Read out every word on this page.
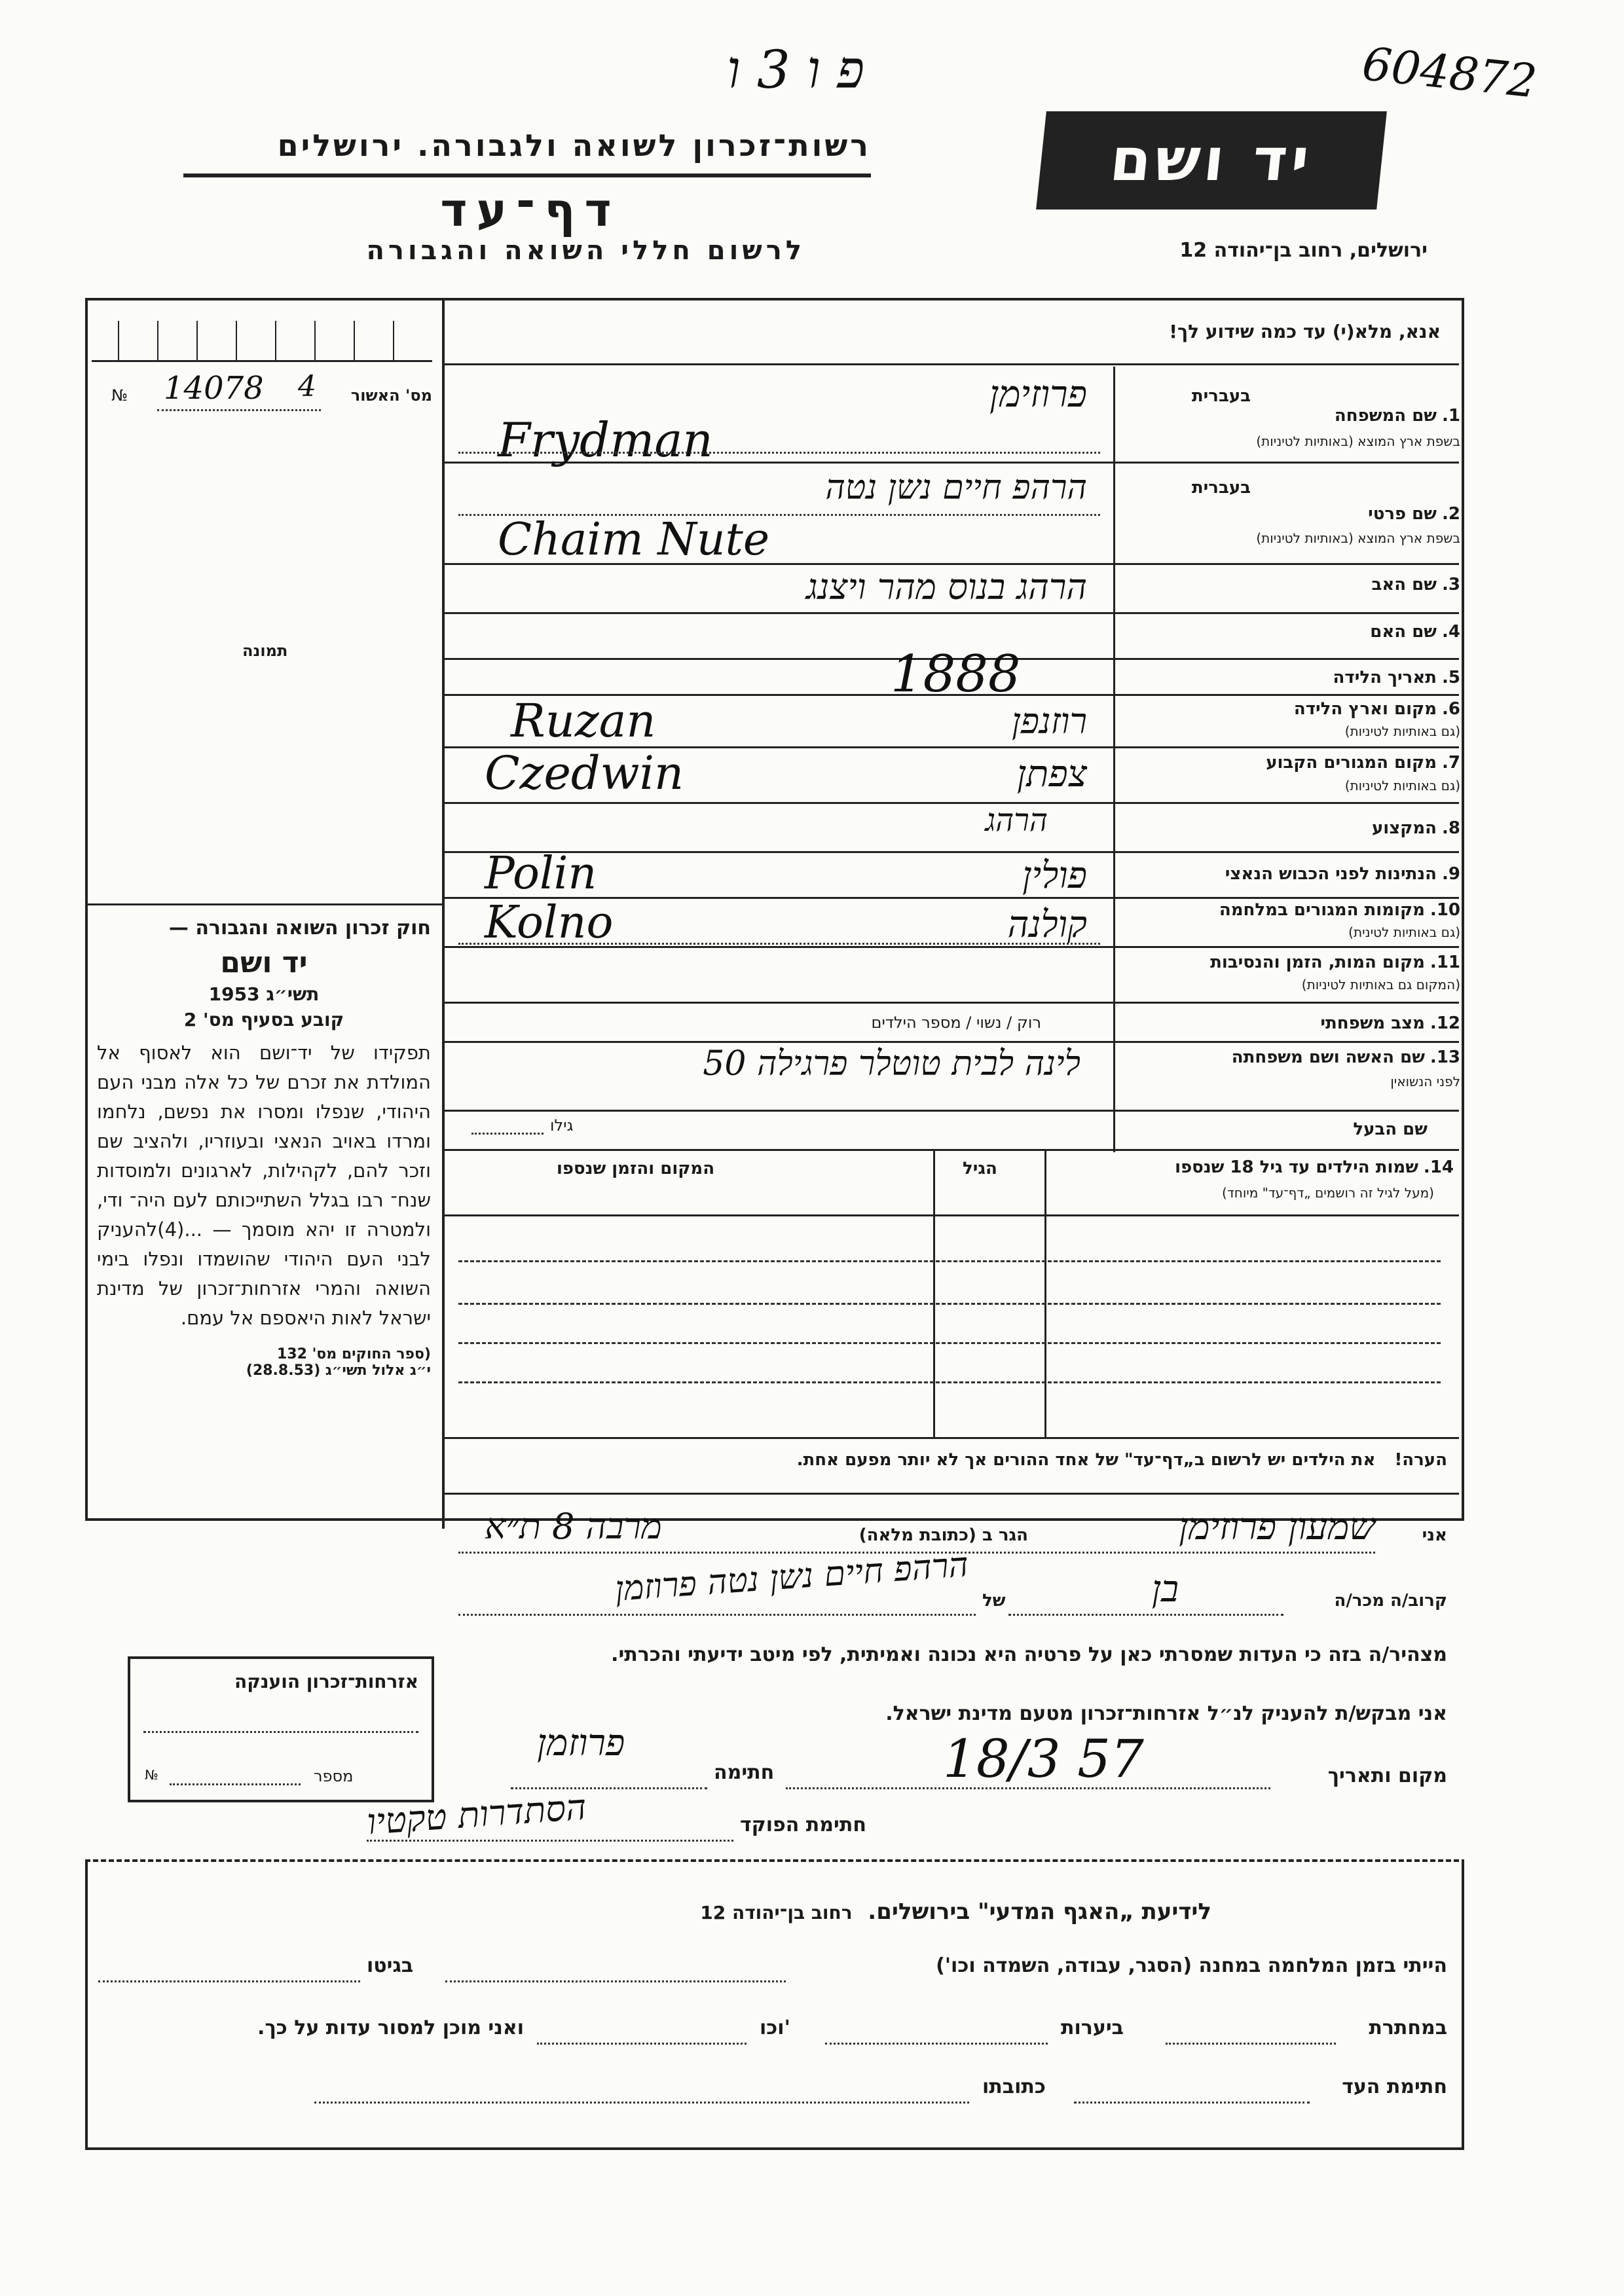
פ ו 3 ו	604872
רשות־זכרון לשואה ולגבורה. ירושלים
דף־עד
לרשום חללי השואה והגבורה
יד ושם
ירושלים, רחוב בן־יהודה 12
אנא, מלא(י) עד כמה שידוע לך!
№ 14078 4	מס' האשור
תמונה
בעברית
1.שם המשפחה
בשפת ארץ המוצא (באותיות לטיניות)
פרוזימן
Frydman
בעברית
2.שם פרטי
בשפת ארץ המוצא (באותיות לטיניות)
הרהפ חיים נשן נטה
Chaim Nute
3.שם האב
הרהג בנוס מהר ויצנג
4.שם האם
5.תאריך הלידה
1888
6.מקום וארץ הלידה
(גם באותיות לטיניות)
Ruzan	רוזנפן
7.מקום המגורים הקבוע
(גם באותיות לטיניות)
Czedwin	צפתן
8.המקצוע
הרהג
9.הנתינות לפני הכבוש הנאצי
Polin	פולין
10.מקומות המגורים במלחמה
(גם באותיות לטינית)
Kolno	קולנה
11.מקום המות, הזמן והנסיבות
(המקום גם באותיות לטיניות)
12.מצב משפחתי
רוק / נשוי / מספר הילדים
13.שם האשה ושם משפחתה
לפני הנשואין
לינה לבית טוטלר פרגילה 50
גילו	שם הבעל
14.שמות הילדים עד גיל 18 שנספו
(מעל לגיל זה רושמים „דף־עד" מיוחד)
הגיל
המקום והזמן שנספו
הערה! את הילדים יש לרשום ב„דף־עד" של אחד ההורים אך לא יותר מפעם אחת.

חוק זכרון השואה והגבורה —

יד ושם

תשי״ג 1953

קובע בסעיף מס' 2

תפקידו של יד־ושם הוא לאסוף אל המולדת את זכרם של כל אלה מבני העם היהודי, שנפלו ומסרו את נפשם, נלחמו ומרדו באויב הנאצי ובעוזריו, ולהציב שם וזכר להם, לקהילות, לארגונים ולמוסדות שנח־ רבו בגלל השתייכותם לעם היה־ ודי, ולמטרה זו יהא מוסמך — ...(4)להעניק לבני העם היהודי שהושמדו ונפלו בימי השואה והמרי אזרחות־זכרון של מדינת ישראל לאות היאספם אל עמם.

(ספר החוקים מס' 132

י״ג אלול תשי״ג (28.8.53)

אני
שמעון פרוזימן
הגר ב (כתובת מלאה)
מרבה 8 ת״א
קרוב/ה מכר/ה
בן
של
הרהפ חיים נשן נטה פרוזמן
מצהיר/ה בזה כי העדות שמסרתי כאן על פרטיה היא נכונה ואמיתית, לפי מיטב ידיעתי והכרתי.
אני מבקש/ת להעניק לנ״ל אזרחות־זכרון מטעם מדינת ישראל.
מקום ותאריך
18/3 57
חתימה
פרוזמן
חתימת הפוקד
הסתדרות טקטיו
אזרחות־זכרון הוענקה
№	מספר
לידיעת „האגף המדעי" בירושלים.  רחוב בן־יהודה 12
הייתי בזמן המלחמה במחנה (הסגר, עבודה, השמדה וכו')
בגיטו
במחתרת
ביערות
וכו'
ואני מוכן למסור עדות על כך.
חתימת העד
כתובתו
